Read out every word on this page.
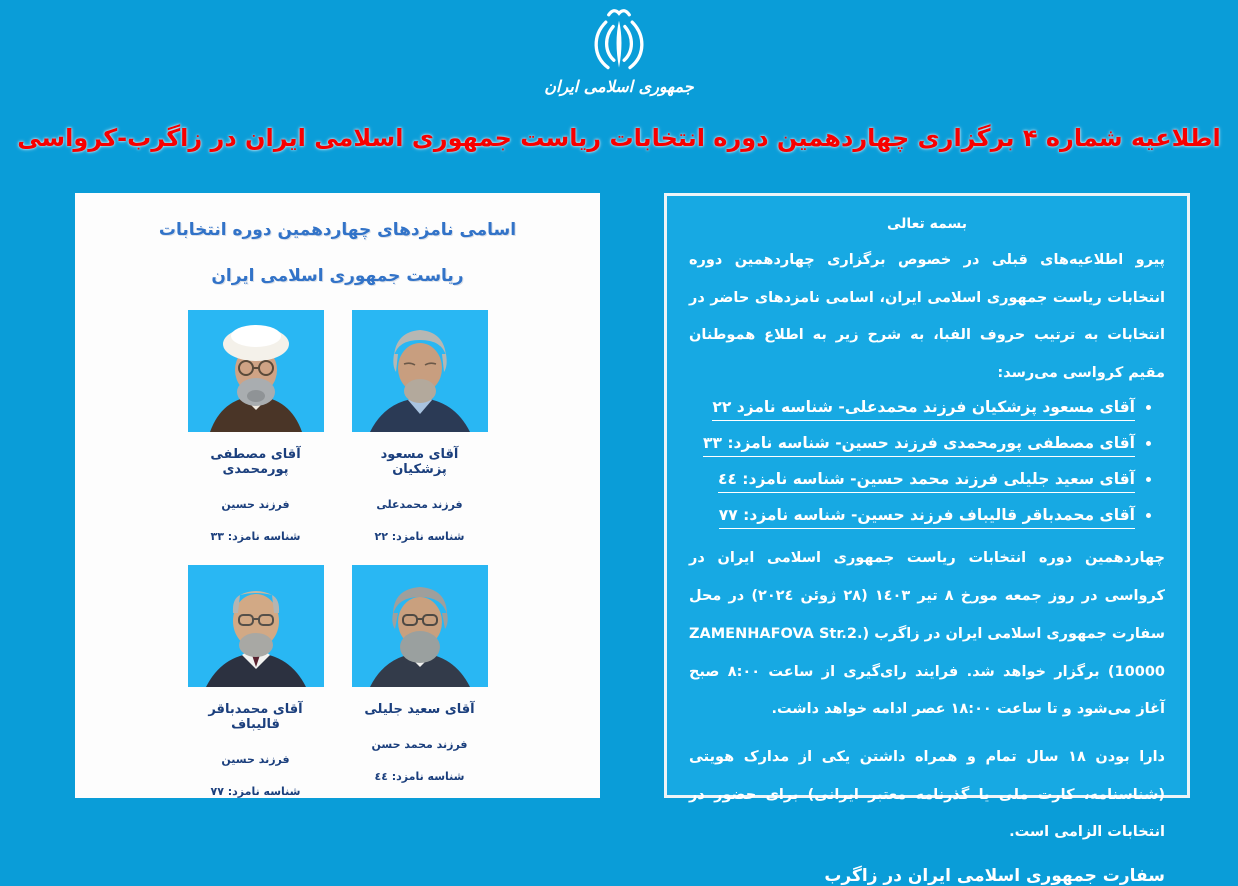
جمهوری اسلامی ایران
اطلاعیه شماره ۴ برگزاری چهاردهمین دوره انتخابات ریاست جمهوری اسلامی ایران در زاگرب-کرواسی
اسامی نامزدهای چهاردهمین دوره انتخابات
ریاست جمهوری اسلامی ایران
آقای مصطفی پورمحمدی
فرزند حسین
شناسه نامزد: ۳۳
آقای مسعود پزشکیان
فرزند محمدعلی
شناسه نامزد: ۲۲
آقای محمدباقر قالیباف
فرزند حسین
شناسه نامزد: ۷۷
آقای سعید جلیلی
فرزند محمد حسن
شناسه نامزد: ٤٤
بسمه تعالی
پیرو اطلاعیه‌های قبلی در خصوص برگزاری چهاردهمین دوره انتخابات ریاست جمهوری اسلامی ایران، اسامی نامزدهای حاضر در انتخابات به ترتیب حروف الفبا، به شرح زیر به اطلاع هموطنان مقیم کرواسی می‌رسد:
• آقای مسعود پزشکیان فرزند محمدعلی- شناسه نامزد ۲۲
• آقای مصطفی پورمحمدی فرزند حسین- شناسه نامزد: ۳۳
• آقای سعید جلیلی فرزند محمد حسین- شناسه نامزد: ٤٤
• آقای محمدباقر قالیباف فرزند حسین- شناسه نامزد: ۷۷
چهاردهمین دوره انتخابات ریاست جمهوری اسلامی ایران در کرواسی در روز جمعه مورخ ۸ تیر ۱٤۰۳ (۲۸ ژوئن ۲۰۲٤) در محل سفارت جمهوری اسلامی ایران در زاگرب (ZAMENHAFOVA Str.2. 10000) برگزار خواهد شد. فرایند رای‌گیری از ساعت ۸:۰۰ صبح آغاز می‌شود و تا ساعت ۱۸:۰۰ عصر ادامه خواهد داشت.
دارا بودن ۱۸ سال تمام و همراه داشتن یکی از مدارک هویتی (شناسنامه، کارت ملی یا گذرنامه معتبر ایرانی) برای حضور در انتخابات الزامی است.
سفارت جمهوری اسلامی ایران در زاگرب
